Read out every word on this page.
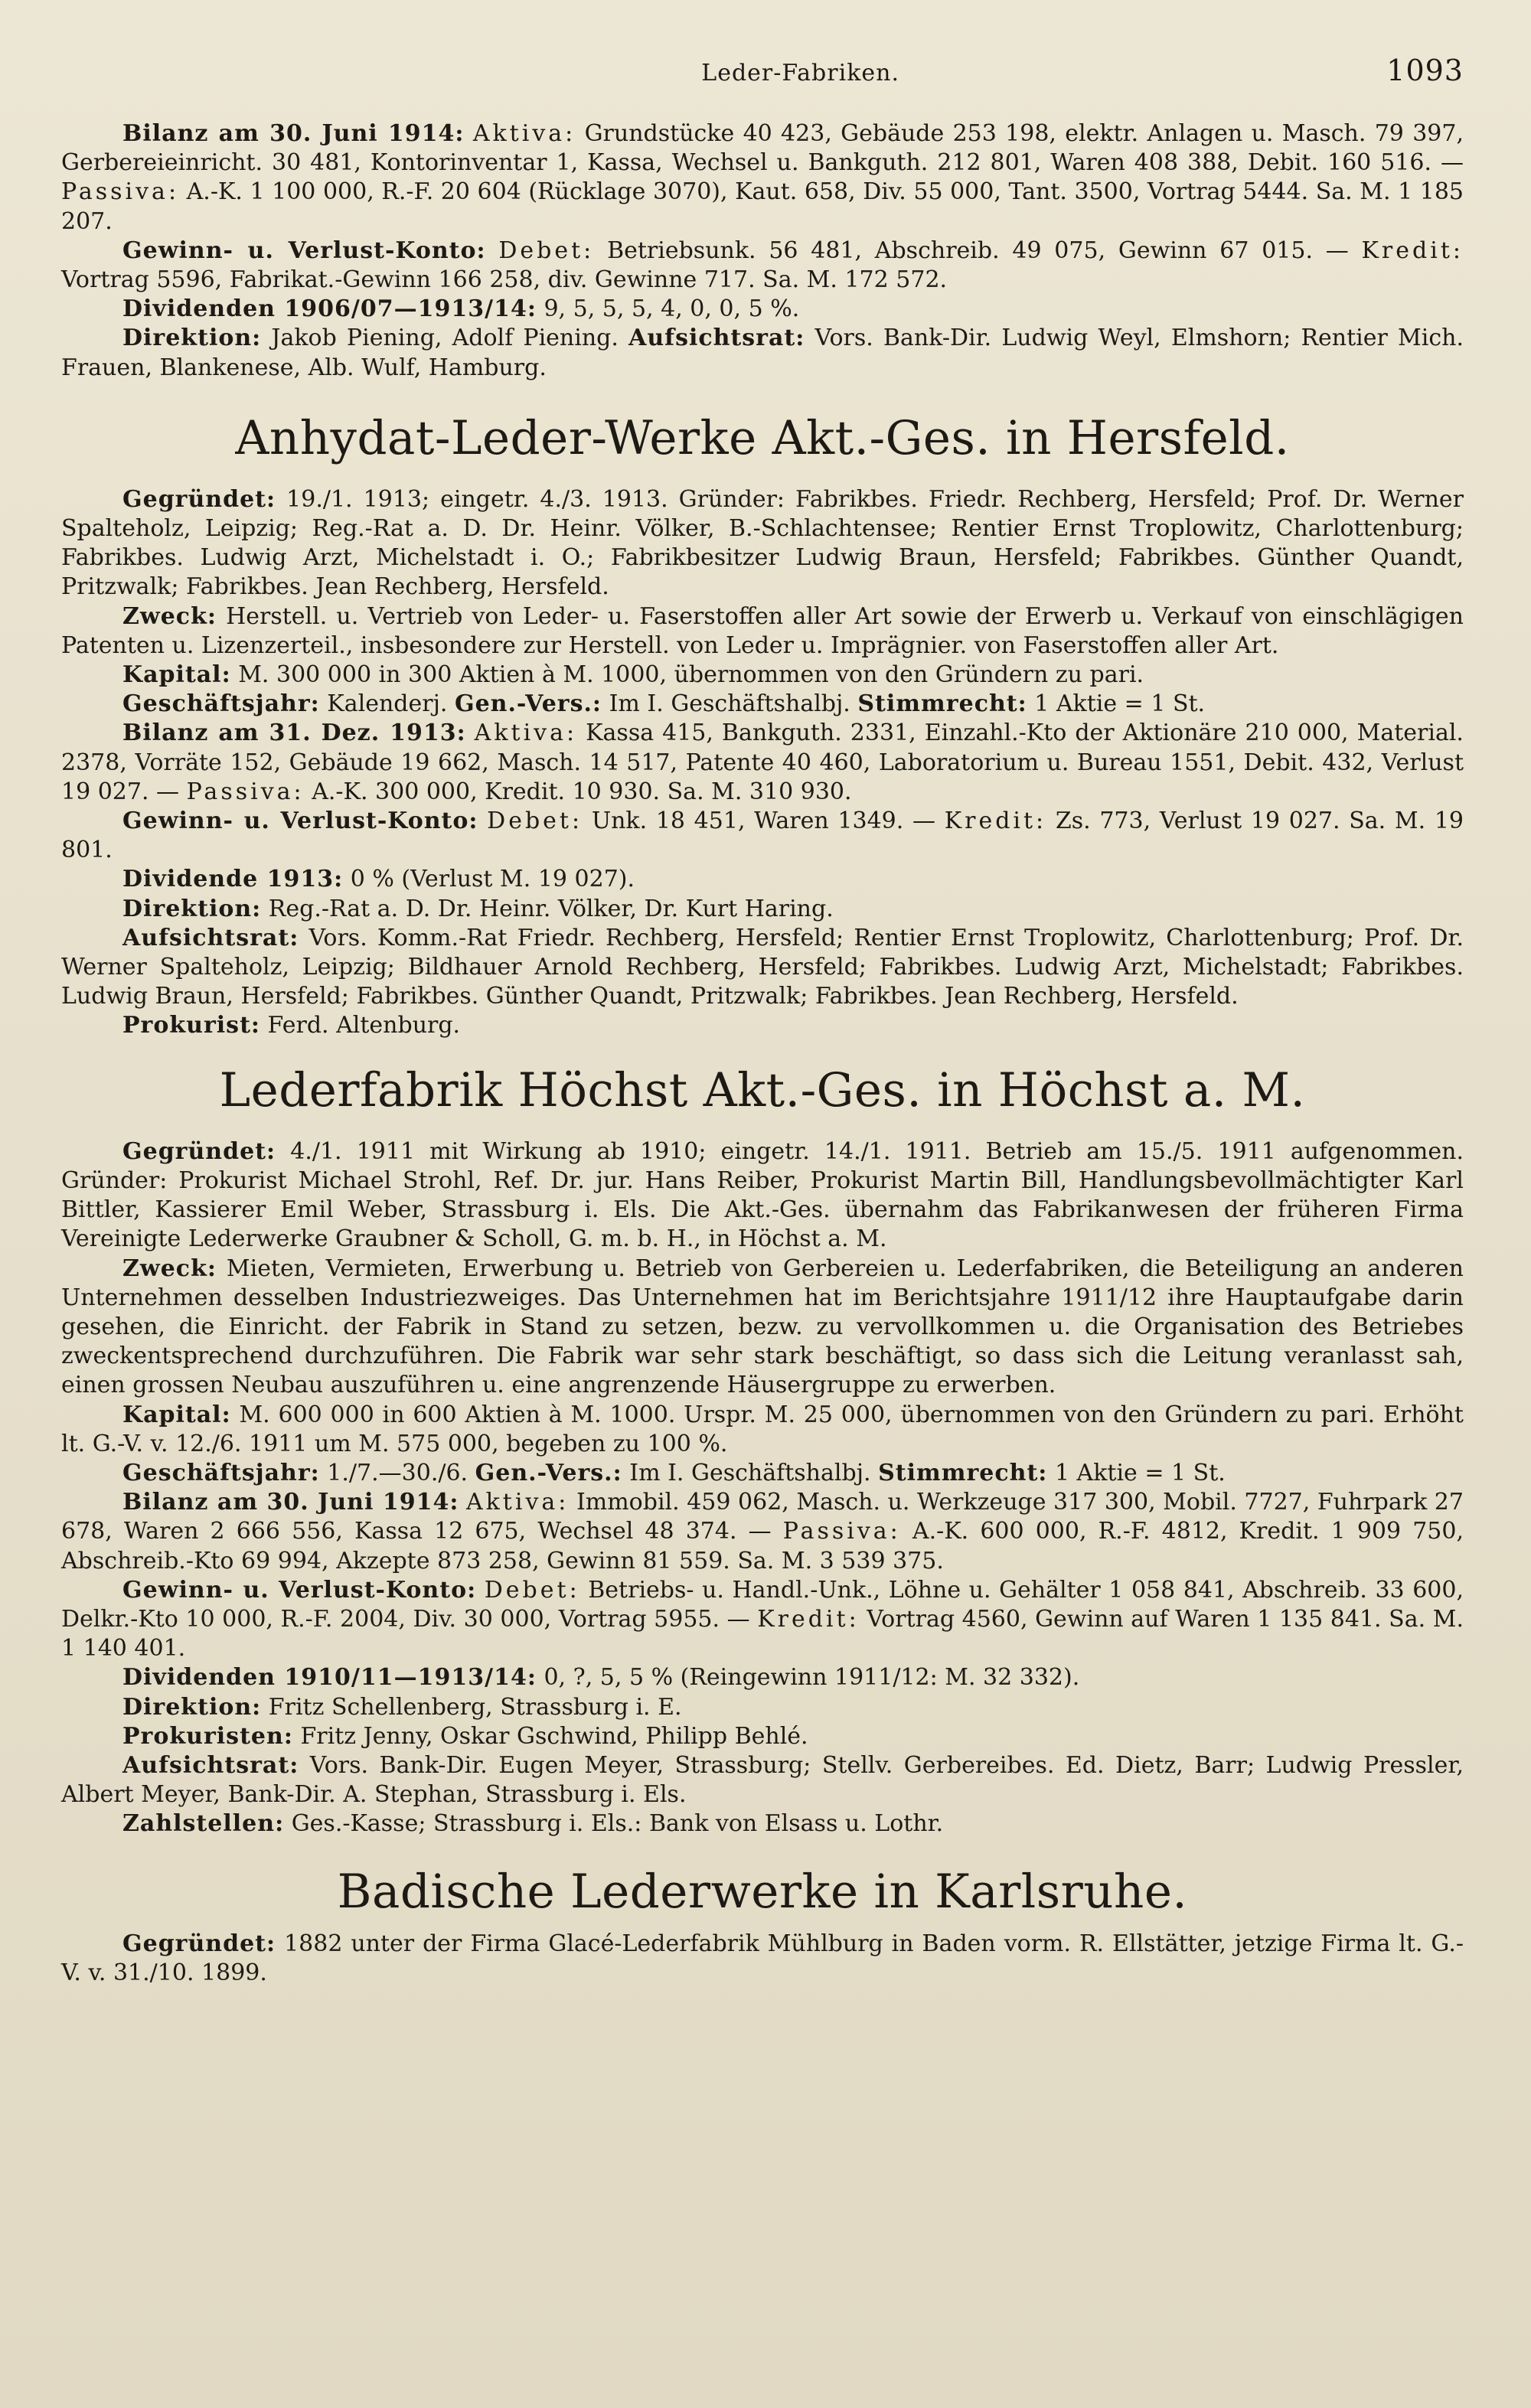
Leder-Fabriken.	1093

Bilanz am 30. Juni 1914: Aktiva: Grundstücke 40 423, Gebäude 253 198, elektr. Anlagen u. Masch. 79 397, Gerbereieinricht. 30 481, Kontorinventar 1, Kassa, Wechsel u. Bankguth. 212 801, Waren 408 388, Debit. 160 516. — Passiva: A.-K. 1 100 000, R.-F. 20 604 (Rücklage 3070), Kaut. 658, Div. 55 000, Tant. 3500, Vortrag 5444. Sa. M. 1 185 207.

Gewinn- u. Verlust-Konto: Debet: Betriebsunk. 56 481, Abschreib. 49 075, Gewinn 67 015. — Kredit: Vortrag 5596, Fabrikat.-Gewinn 166 258, div. Gewinne 717. Sa. M. 172 572.

Dividenden 1906/07—1913/14: 9, 5, 5, 5, 4, 0, 0, 5 %.

Direktion: Jakob Piening, Adolf Piening. Aufsichtsrat: Vors. Bank-Dir. Ludwig Weyl, Elmshorn; Rentier Mich. Frauen, Blankenese, Alb. Wulf, Hamburg.

Anhydat-Leder-Werke Akt.-Ges. in Hersfeld.

Gegründet: 19./1. 1913; eingetr. 4./3. 1913. Gründer: Fabrikbes. Friedr. Rechberg, Hersfeld; Prof. Dr. Werner Spalteholz, Leipzig; Reg.-Rat a. D. Dr. Heinr. Völker, B.-Schlachtensee; Rentier Ernst Troplowitz, Charlottenburg; Fabrikbes. Ludwig Arzt, Michelstadt i. O.; Fabrikbesitzer Ludwig Braun, Hersfeld; Fabrikbes. Günther Quandt, Pritzwalk; Fabrikbes. Jean Rechberg, Hersfeld.

Zweck: Herstell. u. Vertrieb von Leder- u. Faserstoffen aller Art sowie der Erwerb u. Verkauf von einschlägigen Patenten u. Lizenzerteil., insbesondere zur Herstell. von Leder u. Imprägnier. von Faserstoffen aller Art.

Kapital: M. 300 000 in 300 Aktien à M. 1000, übernommen von den Gründern zu pari.

Geschäftsjahr: Kalenderj. Gen.-Vers.: Im I. Geschäftshalbj. Stimmrecht: 1 Aktie = 1 St.

Bilanz am 31. Dez. 1913: Aktiva: Kassa 415, Bankguth. 2331, Einzahl.-Kto der Aktionäre 210 000, Material. 2378, Vorräte 152, Gebäude 19 662, Masch. 14 517, Patente 40 460, Laboratorium u. Bureau 1551, Debit. 432, Verlust 19 027. — Passiva: A.-K. 300 000, Kredit. 10 930. Sa. M. 310 930.

Gewinn- u. Verlust-Konto: Debet: Unk. 18 451, Waren 1349. — Kredit: Zs. 773, Verlust 19 027. Sa. M. 19 801.

Dividende 1913: 0 % (Verlust M. 19 027).

Direktion: Reg.-Rat a. D. Dr. Heinr. Völker, Dr. Kurt Haring.

Aufsichtsrat: Vors. Komm.-Rat Friedr. Rechberg, Hersfeld; Rentier Ernst Troplowitz, Charlottenburg; Prof. Dr. Werner Spalteholz, Leipzig; Bildhauer Arnold Rechberg, Hersfeld; Fabrikbes. Ludwig Arzt, Michelstadt; Fabrikbes. Ludwig Braun, Hersfeld; Fabrikbes. Günther Quandt, Pritzwalk; Fabrikbes. Jean Rechberg, Hersfeld.

Prokurist: Ferd. Altenburg.

Lederfabrik Höchst Akt.-Ges. in Höchst a. M.

Gegründet: 4./1. 1911 mit Wirkung ab 1910; eingetr. 14./1. 1911. Betrieb am 15./5. 1911 aufgenommen. Gründer: Prokurist Michael Strohl, Ref. Dr. jur. Hans Reiber, Prokurist Martin Bill, Handlungsbevollmächtigter Karl Bittler, Kassierer Emil Weber, Strassburg i. Els. Die Akt.-Ges. übernahm das Fabrikanwesen der früheren Firma Vereinigte Lederwerke Graubner & Scholl, G. m. b. H., in Höchst a. M.

Zweck: Mieten, Vermieten, Erwerbung u. Betrieb von Gerbereien u. Lederfabriken, die Beteiligung an anderen Unternehmen desselben Industriezweiges. Das Unternehmen hat im Berichtsjahre 1911/12 ihre Hauptaufgabe darin gesehen, die Einricht. der Fabrik in Stand zu setzen, bezw. zu vervollkommen u. die Organisation des Betriebes zweckentsprechend durchzuführen. Die Fabrik war sehr stark beschäftigt, so dass sich die Leitung veranlasst sah, einen grossen Neubau auszuführen u. eine angrenzende Häusergruppe zu erwerben.

Kapital: M. 600 000 in 600 Aktien à M. 1000. Urspr. M. 25 000, übernommen von den Gründern zu pari. Erhöht lt. G.-V. v. 12./6. 1911 um M. 575 000, begeben zu 100 %.

Geschäftsjahr: 1./7.—30./6. Gen.-Vers.: Im I. Geschäftshalbj. Stimmrecht: 1 Aktie = 1 St.

Bilanz am 30. Juni 1914: Aktiva: Immobil. 459 062, Masch. u. Werkzeuge 317 300, Mobil. 7727, Fuhrpark 27 678, Waren 2 666 556, Kassa 12 675, Wechsel 48 374. — Passiva: A.-K. 600 000, R.-F. 4812, Kredit. 1 909 750, Abschreib.-Kto 69 994, Akzepte 873 258, Gewinn 81 559. Sa. M. 3 539 375.

Gewinn- u. Verlust-Konto: Debet: Betriebs- u. Handl.-Unk., Löhne u. Gehälter 1 058 841, Abschreib. 33 600, Delkr.-Kto 10 000, R.-F. 2004, Div. 30 000, Vortrag 5955. — Kredit: Vortrag 4560, Gewinn auf Waren 1 135 841. Sa. M. 1 140 401.

Dividenden 1910/11—1913/14: 0, ?, 5, 5 % (Reingewinn 1911/12: M. 32 332).

Direktion: Fritz Schellenberg, Strassburg i. E.

Prokuristen: Fritz Jenny, Oskar Gschwind, Philipp Behlé.

Aufsichtsrat: Vors. Bank-Dir. Eugen Meyer, Strassburg; Stellv. Gerbereibes. Ed. Dietz, Barr; Ludwig Pressler, Albert Meyer, Bank-Dir. A. Stephan, Strassburg i. Els.

Zahlstellen: Ges.-Kasse; Strassburg i. Els.: Bank von Elsass u. Lothr.

Badische Lederwerke in Karlsruhe.

Gegründet: 1882 unter der Firma Glacé-Lederfabrik Mühlburg in Baden vorm. R. Ellstätter, jetzige Firma lt. G.-V. v. 31./10. 1899.
